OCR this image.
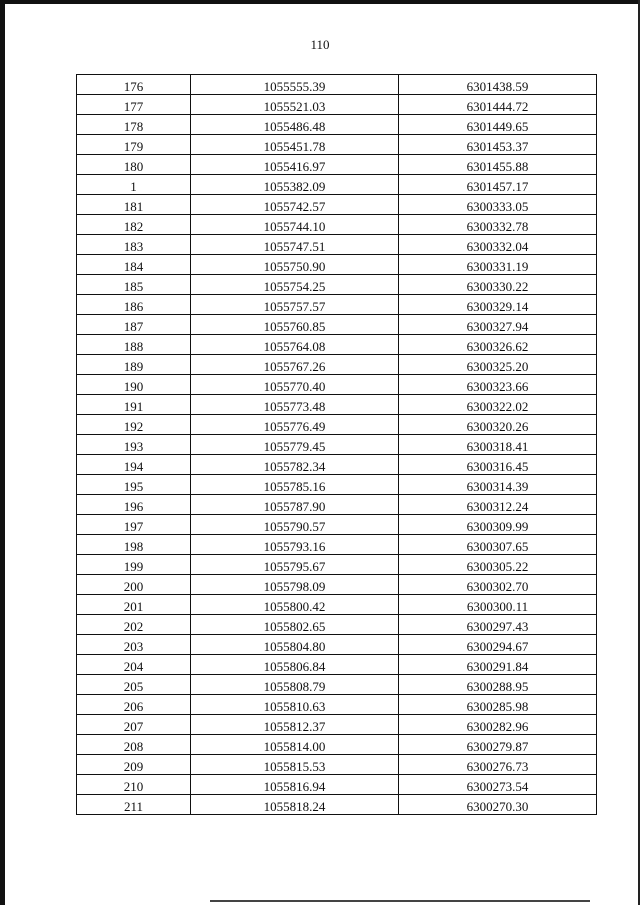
110
176	1055555.39	6301438.59
177	1055521.03	6301444.72
178	1055486.48	6301449.65
179	1055451.78	6301453.37
180	1055416.97	6301455.88
1	1055382.09	6301457.17
181	1055742.57	6300333.05
182	1055744.10	6300332.78
183	1055747.51	6300332.04
184	1055750.90	6300331.19
185	1055754.25	6300330.22
186	1055757.57	6300329.14
187	1055760.85	6300327.94
188	1055764.08	6300326.62
189	1055767.26	6300325.20
190	1055770.40	6300323.66
191	1055773.48	6300322.02
192	1055776.49	6300320.26
193	1055779.45	6300318.41
194	1055782.34	6300316.45
195	1055785.16	6300314.39
196	1055787.90	6300312.24
197	1055790.57	6300309.99
198	1055793.16	6300307.65
199	1055795.67	6300305.22
200	1055798.09	6300302.70
201	1055800.42	6300300.11
202	1055802.65	6300297.43
203	1055804.80	6300294.67
204	1055806.84	6300291.84
205	1055808.79	6300288.95
206	1055810.63	6300285.98
207	1055812.37	6300282.96
208	1055814.00	6300279.87
209	1055815.53	6300276.73
210	1055816.94	6300273.54
211	1055818.24	6300270.30
